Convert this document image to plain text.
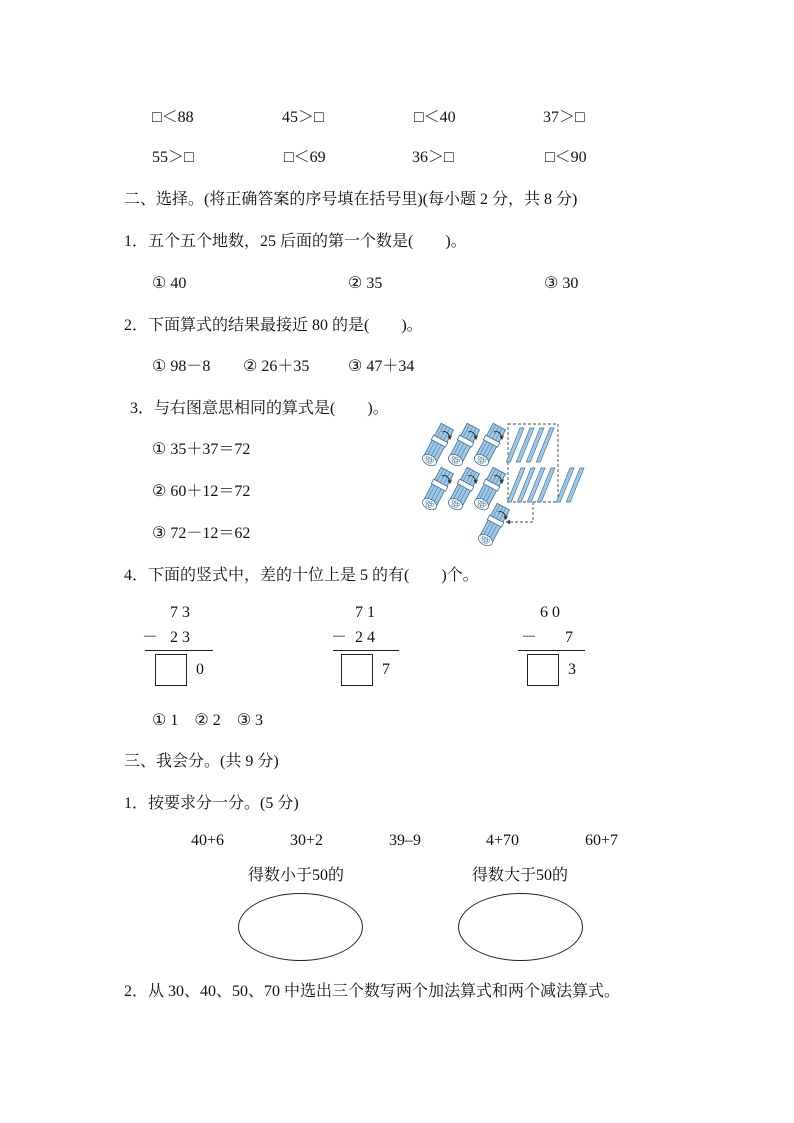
□＜88	45＞□	□＜40	37＞□
55＞□	□＜69	36＞□	□＜90
二、选择。(将正确答案的序号填在括号里)(每小题 2 分，共 8 分)
1．五个五个地数，25 后面的第一个数是( )。
① 40	② 35	③ 30
2．下面算式的结果最接近 80 的是( )。
① 98－8 ② 26＋35 ③ 47＋34
3．与右图意思相同的算式是( )。
① 35＋37＝72
② 60＋12＝72
③ 72－12＝62
4．下面的竖式中，差的十位上是 5 的有( )个。
7 3
－ 2 3
0
7 1
－ 2 4
7
6 0
－ 7
3
① 1    ② 2    ③ 3
三、我会分。(共 9 分)
1．按要求分一分。(5 分)
40+6	30+2	39–9	4+70	60+7
得数小于50的	得数大于50的
2．从 30、40、50、70 中选出三个数写两个加法算式和两个减法算式。
